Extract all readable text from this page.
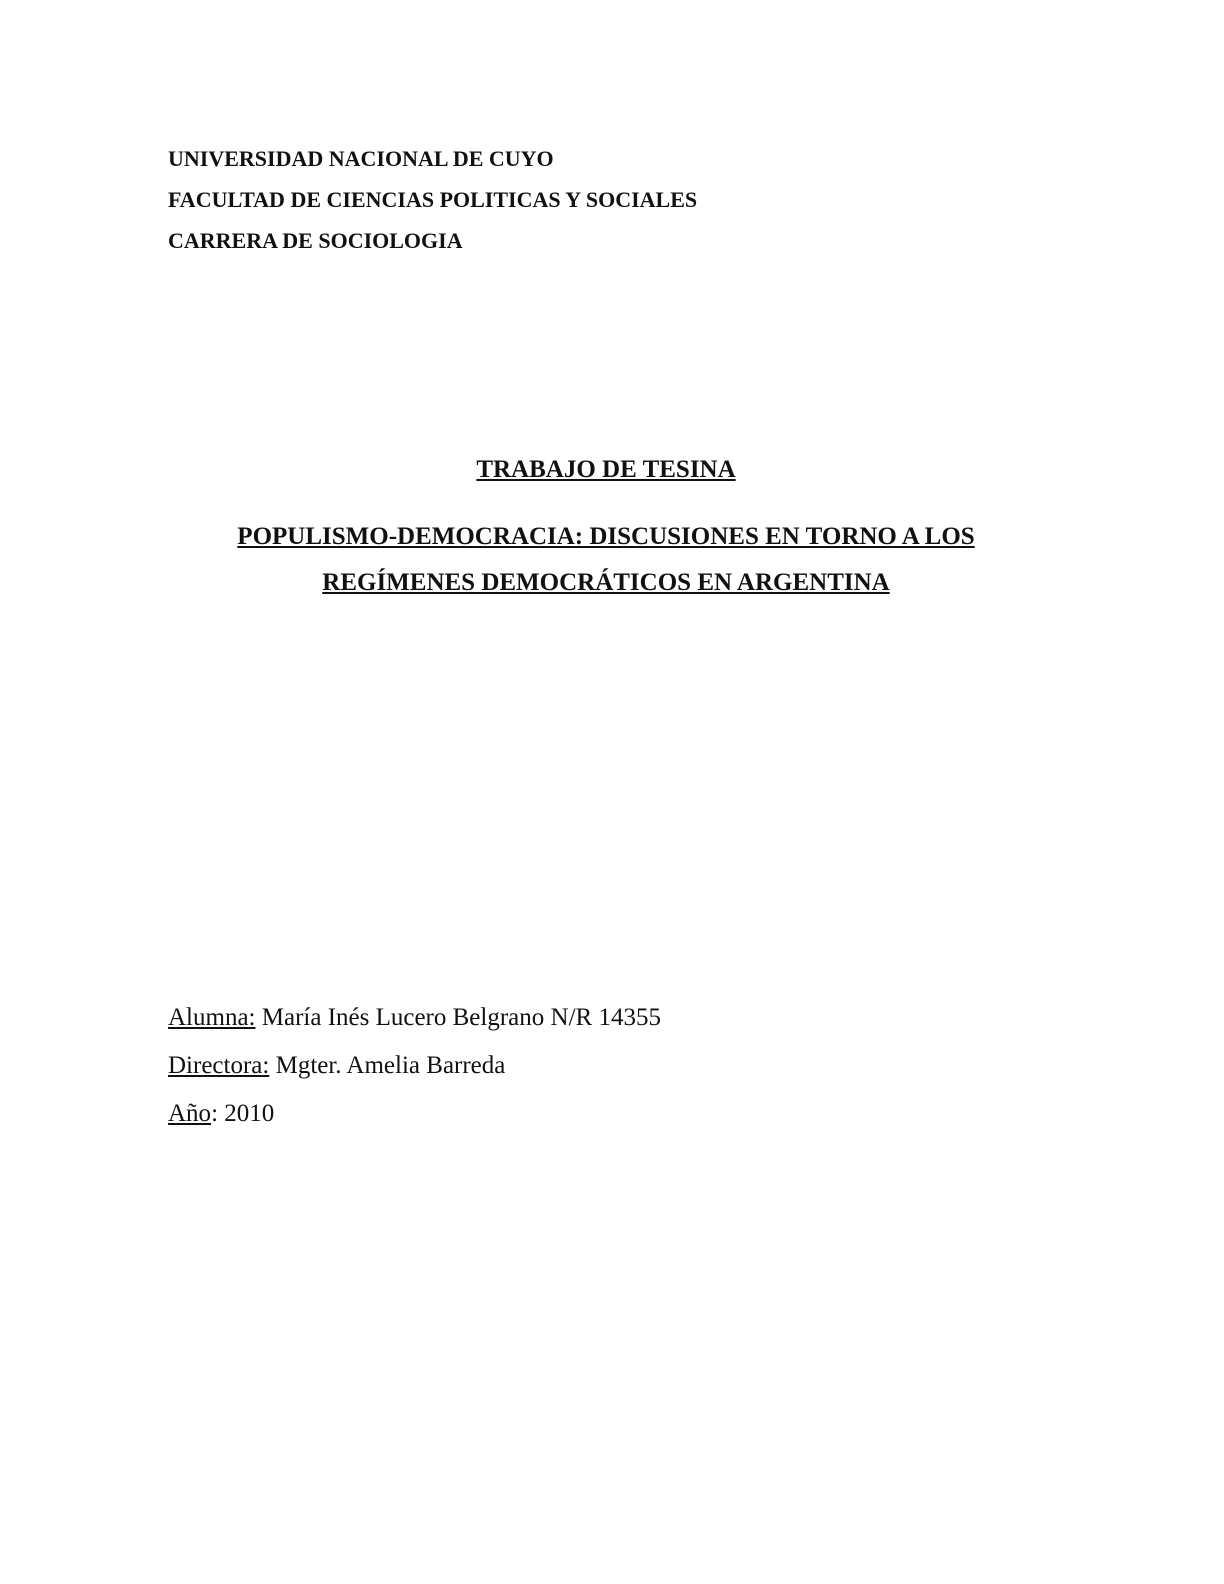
UNIVERSIDAD NACIONAL DE CUYO
FACULTAD DE CIENCIAS POLITICAS Y SOCIALES
CARRERA DE SOCIOLOGIA
TRABAJO DE TESINA
POPULISMO-DEMOCRACIA: DISCUSIONES EN TORNO A LOS
REGÍMENES DEMOCRÁTICOS EN ARGENTINA
Alumna: María Inés Lucero Belgrano N/R 14355
Directora: Mgter. Amelia Barreda
Año: 2010
